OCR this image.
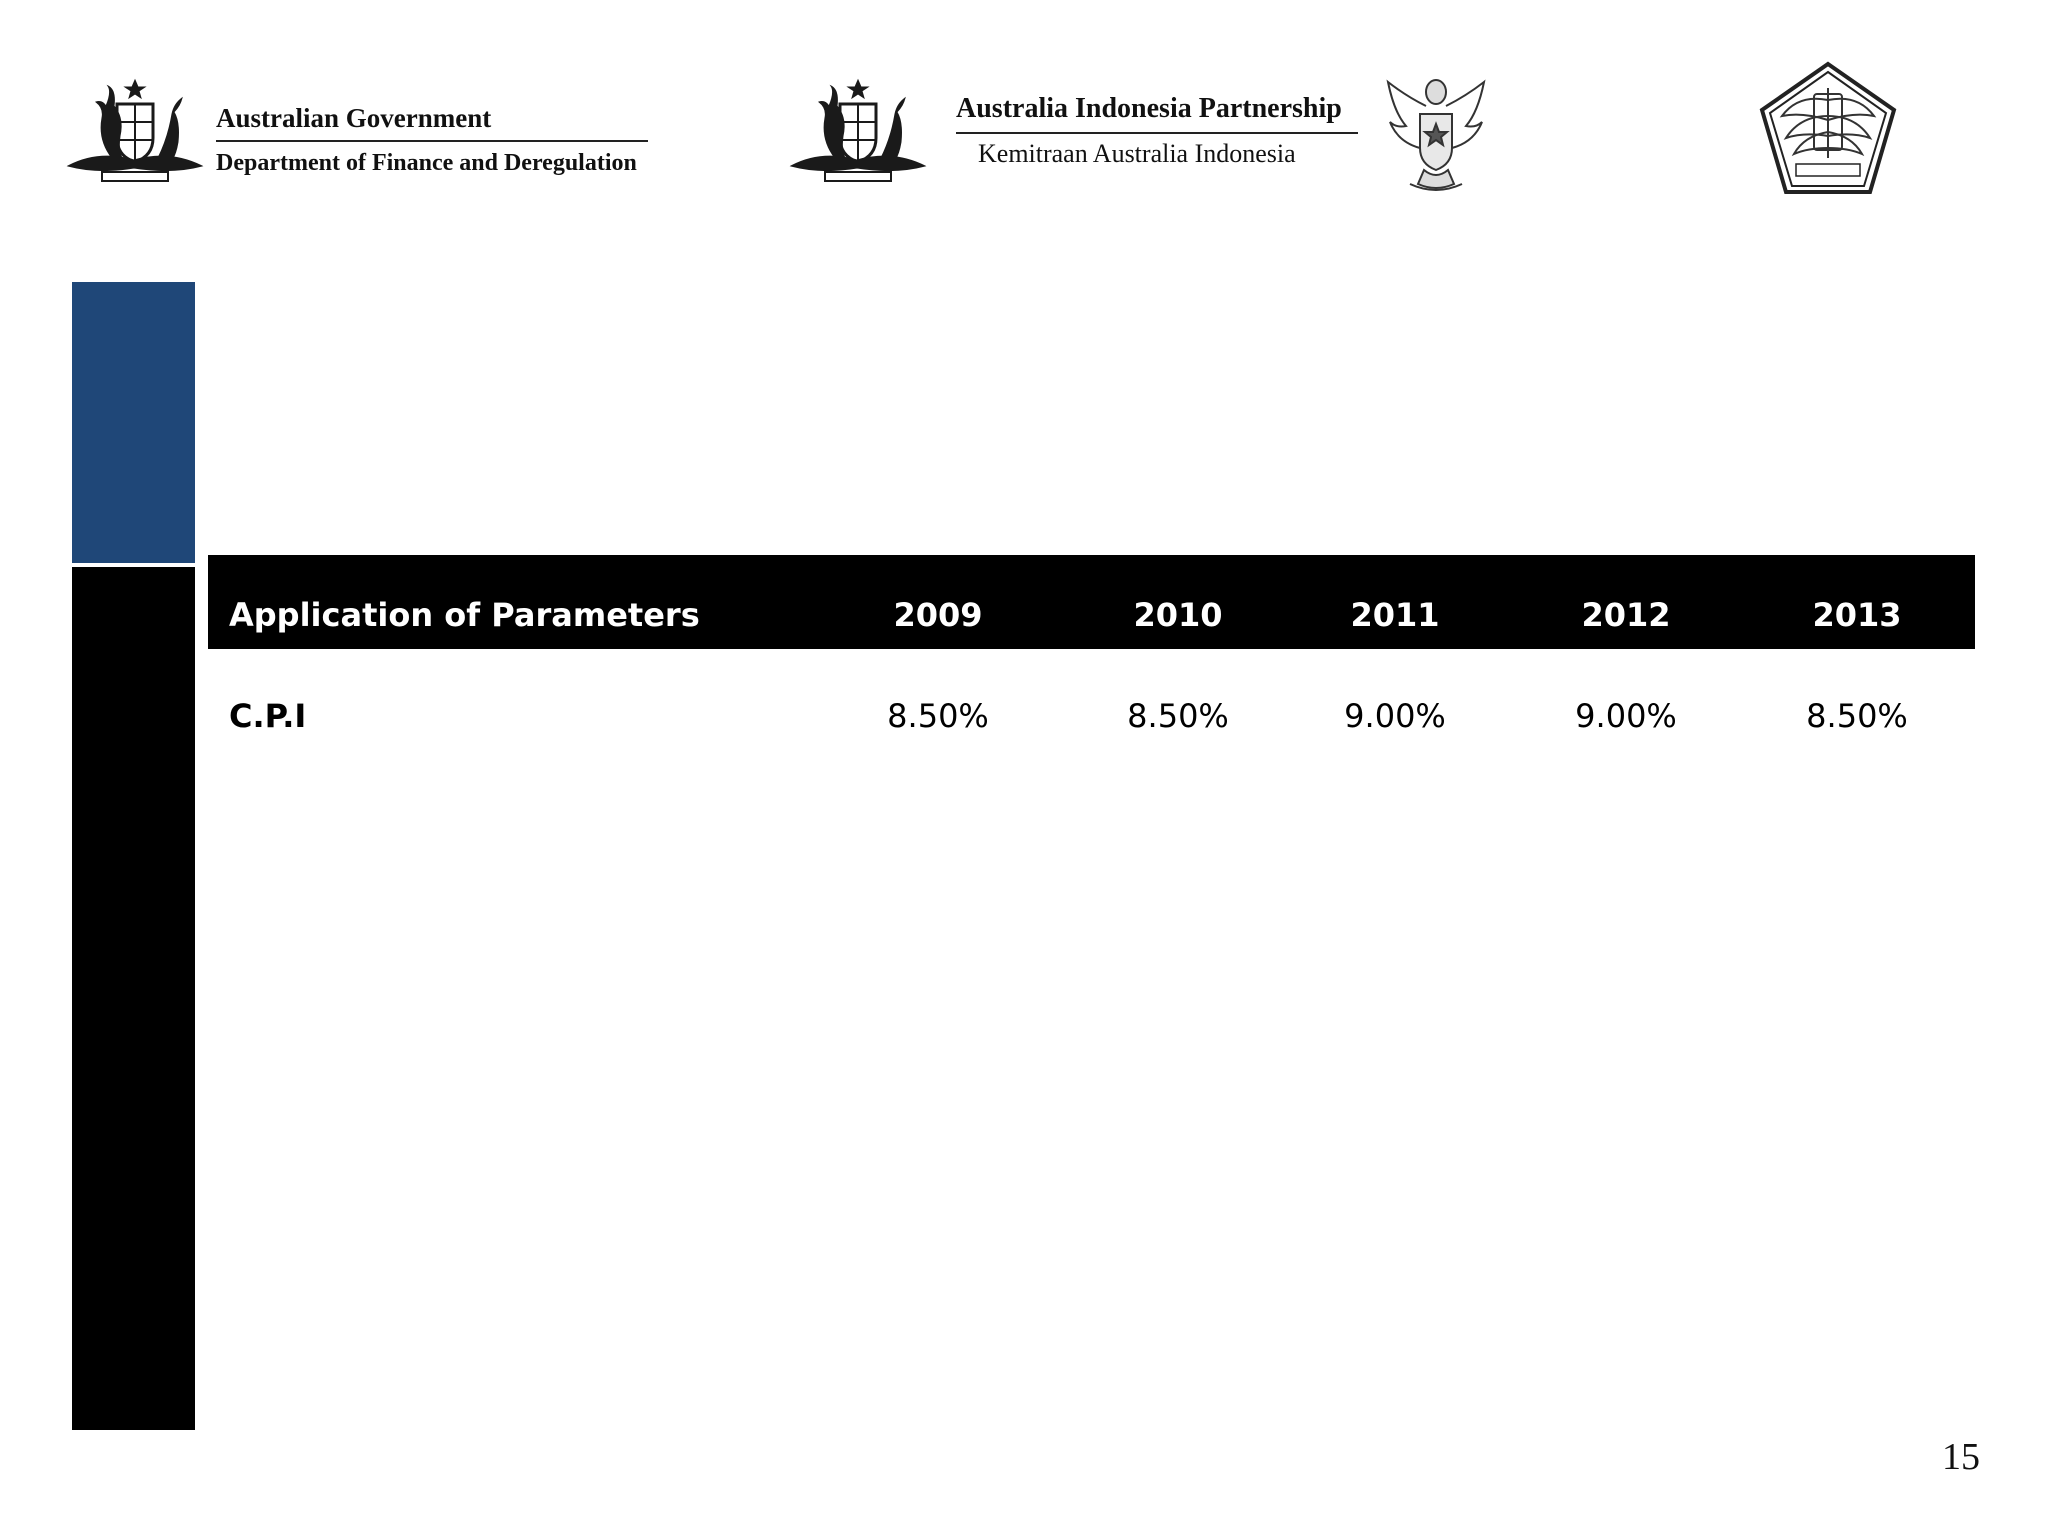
Australian Government
Department of Finance and Deregulation
Australia Indonesia Partnership
Kemitraan Australia Indonesia
Application of Parameters	2009	2010	2011	2012	2013
C.P.I	8.50%	8.50%	9.00%	9.00%	8.50%
15
